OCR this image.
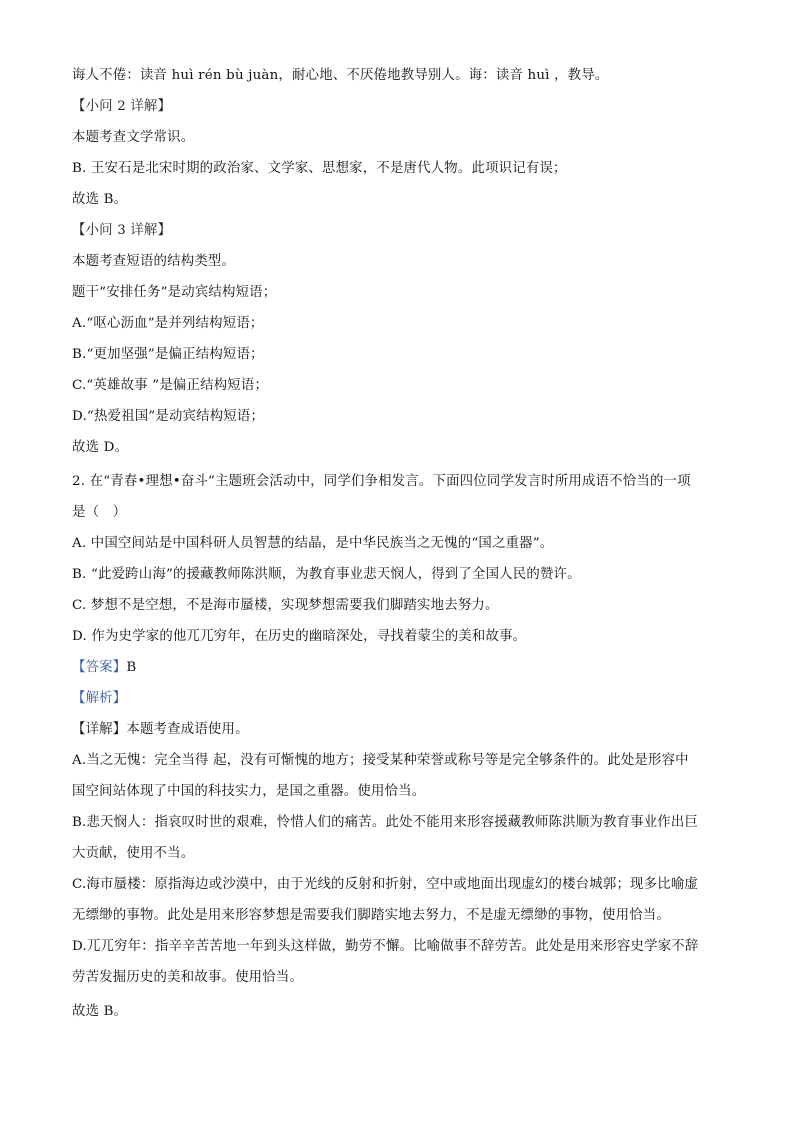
诲人不倦：读音 huì rén bù juàn，耐心地、不厌倦地教导别人。诲：读音 huì ，教导。
【小问 2 详解】
本题考查文学常识。
B. 王安石是北宋时期的政治家、文学家、思想家，不是唐代人物。此项识记有误；
故选 B。
【小问 3 详解】
本题考查短语的结构类型。
题干“安排任务”是动宾结构短语；
A.“呕心沥血”是并列结构短语；
B.“更加坚强”是偏正结构短语；
C.“英雄故事 ”是偏正结构短语；
D.“热爱祖国”是动宾结构短语；
故选 D。
2. 在“青春•理想•奋斗”主题班会活动中，同学们争相发言。下面四位同学发言时所用成语不恰当的一项
是（　）
A. 中国空间站是中国科研人员智慧的结晶，是中华民族当之无愧的“国之重器”。
B. “此爱跨山海”的援藏教师陈洪顺，为教育事业悲天悯人，得到了全国人民的赞许。
C. 梦想不是空想，不是海市蜃楼，实现梦想需要我们脚踏实地去努力。
D. 作为史学家的他兀兀穷年，在历史的幽暗深处，寻找着蒙尘的美和故事。
【答案】B
【解析】
【详解】本题考查成语使用。
A.当之无愧：完全当得 起，没有可惭愧的地方；接受某种荣誉或称号等是完全够条件的。此处是形容中
国空间站体现了中国的科技实力，是国之重器。使用恰当。
B.悲天悯人：指哀叹时世的艰难，怜惜人们的痛苦。此处不能用来形容援藏教师陈洪顺为教育事业作出巨
大贡献，使用不当。
C.海市蜃楼：原指海边或沙漠中，由于光线的反射和折射，空中或地面出现虚幻的楼台城郭；现多比喻虚
无缥缈的事物。此处是用来形容梦想是需要我们脚踏实地去努力，不是虚无缥缈的事物，使用恰当。
D.兀兀穷年：指辛辛苦苦地一年到头这样做，勤劳不懈。比喻做事不辞劳苦。此处是用来形容史学家不辞
劳苦发掘历史的美和故事。使用恰当。
故选 B。
